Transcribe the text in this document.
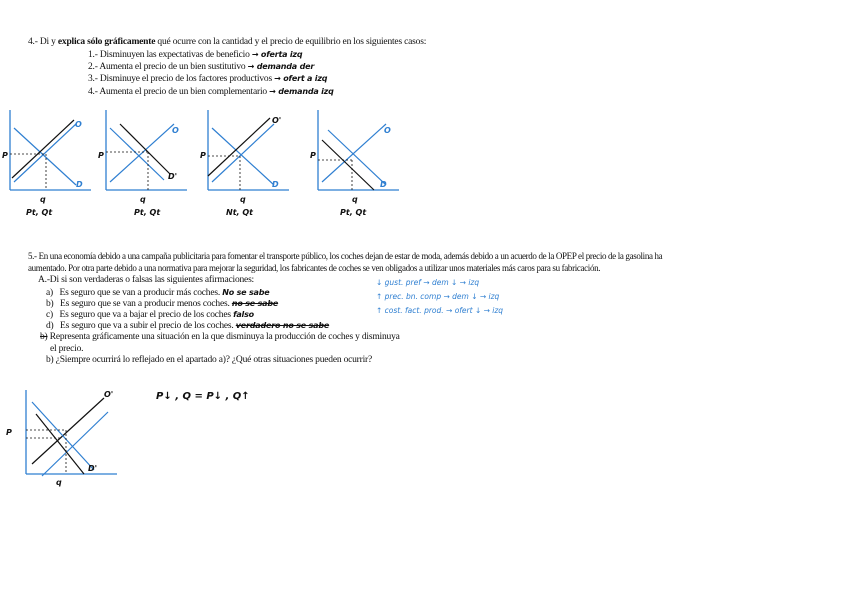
4.- Di y explica sólo gráficamente qué ocurre con la cantidad y el precio de equilibrio en los siguientes casos:
1.- Disminuyen las expectativas de beneficio → oferta izq
2.- Aumenta el precio de un bien sustitutivo → demanda der
3.- Disminuye el precio de los factores productivos → ofert a izq
4.- Aumenta el precio de un bien complementario → demanda izq
P
O
D
q
Pt, Qt
P
O
D'
q
Pt, Qt
P
O'
D
q
Nt, Qt
P
O
D
q
Pt, Qt
5.- En una economía debido a una campaña publicitaria para fomentar el transporte público, los coches dejan de estar de moda, además debido a un acuerdo de la OPEP el precio de la gasolina ha
aumentado. Por otra parte debido a una normativa para mejorar la seguridad, los fabricantes de coches se ven obligados a utilizar unos materiales más caros para su fabricación.
A.-Di si son verdaderas o falsas las siguientes afirmaciones:
a) Es seguro que se van a producir más coches. No se sabe
b) Es seguro que se van a producir menos coches. no se sabe
c) Es seguro que va a bajar el precio de los coches falso
d) Es seguro que va a subir el precio de los coches. verdadero no se sabe
↓ gust. pref → dem ↓ → izq
↑ prec. bn. comp → dem ↓ → izq
↑ cost. fact. prod. → ofert ↓ → izq
b) Representa gráficamente una situación en la que disminuya la producción de coches y disminuya
el precio.
b) ¿Siempre ocurrirá lo reflejado en el apartado a)? ¿Qué otras situaciones pueden ocurrir?
O'
P
D'
q
P↓ , Q = P↓ , Q↑
